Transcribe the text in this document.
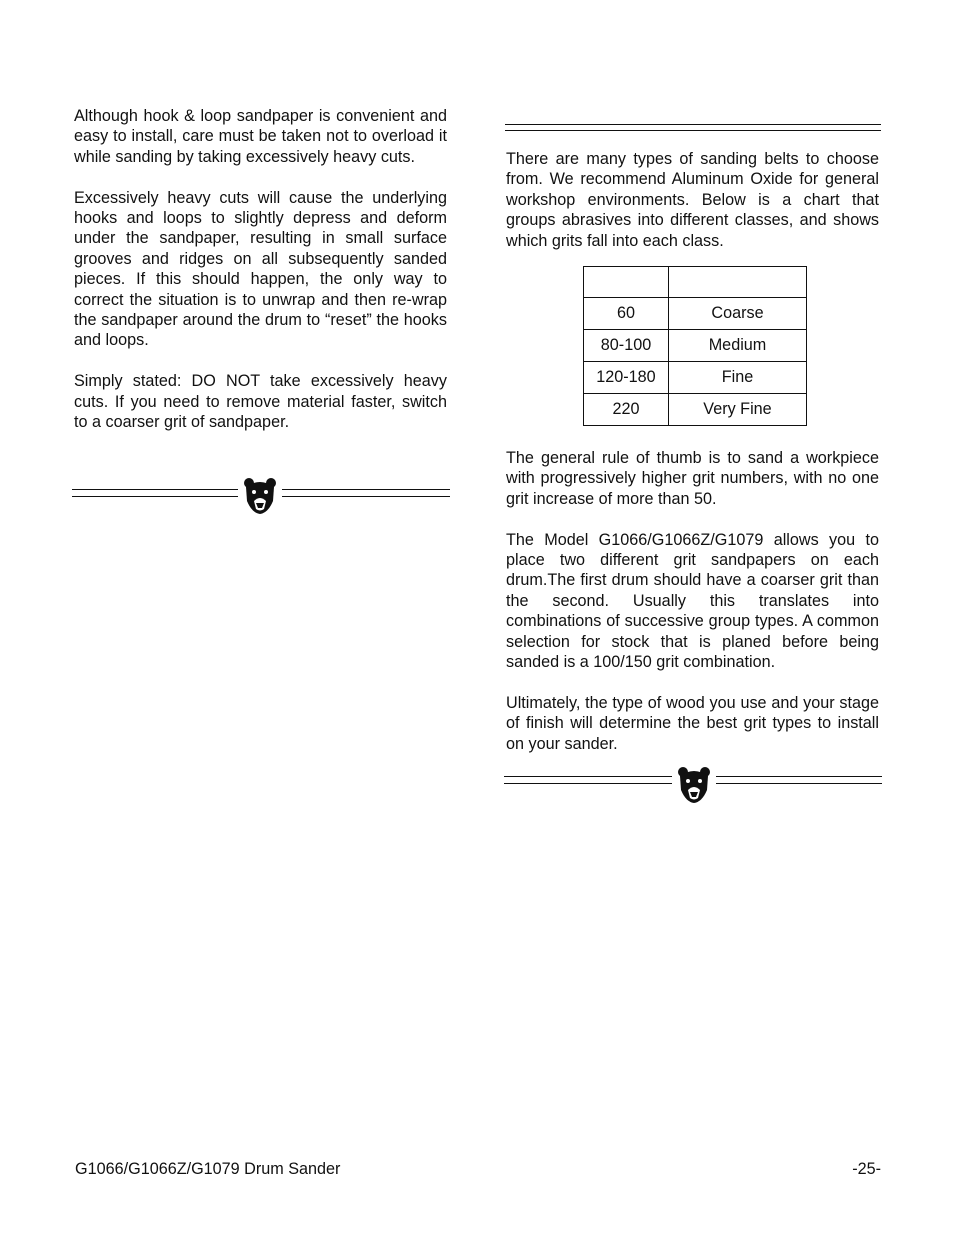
Although hook & loop sandpaper is convenient and easy to install, care must be taken not to overload it while sanding by taking excessively heavy cuts.

Excessively heavy cuts will cause the underlying hooks and loops to slightly depress and deform under the sandpaper, resulting in small surface grooves and ridges on all subsequently sanded pieces. If this should happen, the only way to correct the situation is to unwrap and then re-wrap the sandpaper around the drum to “reset” the hooks and loops.

Simply stated: DO NOT take excessively heavy cuts. If you need to remove material faster, switch to a coarser grit of sandpaper.

There are many types of sanding belts to choose from. We recommend Aluminum Oxide for general workshop environments. Below is a chart that groups abrasives into different classes, and shows which grits fall into each class.

60	Coarse
80-100	Medium
120-180	Fine
220	Very Fine

The general rule of thumb is to sand a workpiece with progressively higher grit numbers, with no one grit increase of more than 50.

The Model G1066/G1066Z/G1079 allows you to place two different grit sandpapers on each drum.The first drum should have a coarser grit than the second. Usually this translates into combinations of successive group types. A common selection for stock that is planed before being sanded is a 100/150 grit combination.

Ultimately, the type of wood you use and your stage of finish will determine the best grit types to install on your sander.

G1066/G1066Z/G1079 Drum Sander	-25-
